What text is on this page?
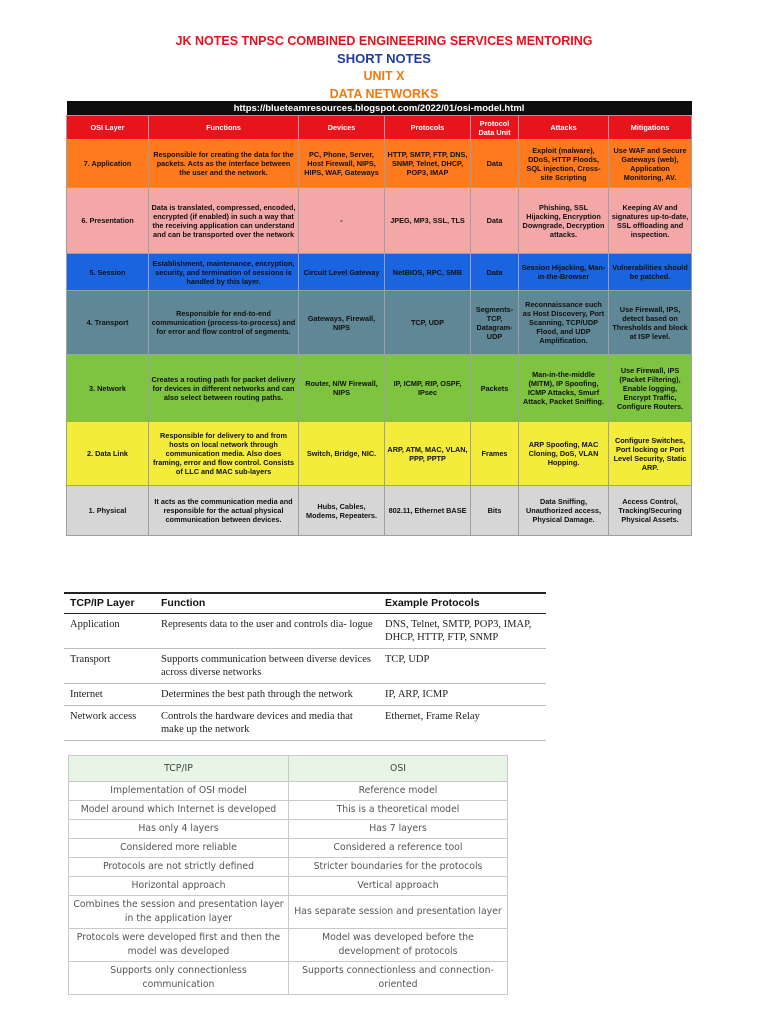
JK NOTES TNPSC COMBINED ENGINEERING SERVICES MENTORING
SHORT NOTES
UNIT X
DATA NETWORKS
https://blueteamresources.blogspot.com/2022/01/osi-model.html						
OSI Layer	Functions	Devices	Protocols	Protocol Data Unit	Attacks	Mitigations
7. Application	Responsible for creating the data for the packets. Acts as the interface between the user and the network.	PC, Phone, Server, Host Firewall, NIPS, HIPS, WAF, Gateways	HTTP, SMTP, FTP, DNS, SNMP, Telnet, DHCP, POP3, IMAP	Data	Exploit (malware), DDoS, HTTP Floods, SQL injection, Cross-site Scripting	Use WAF and Secure Gateways (web), Application Monitoring, AV.
6. Presentation	Data is translated, compressed, encoded, encrypted (if enabled) in such a way that the receiving application can understand and can be transported over the network	-	JPEG, MP3, SSL, TLS	Data	Phishing, SSL Hijacking, Encryption Downgrade, Decryption attacks.	Keeping AV and signatures up-to-date, SSL offloading and inspection.
5. Session	Establishment, maintenance, encryption, security, and termination of sessions is handled by this layer.	Circuit Level Gateway	NetBIOS, RPC, SMB	Data	Session Hijacking, Man-in-the-Browser	Vulnerabilities should be patched.
4. Transport	Responsible for end-to-end communication (process-to-process) and for error and flow control of segments.	Gateways, Firewall, NIPS	TCP, UDP	Segments-TCP, Datagram-UDP	Reconnaissance such as Host Discovery, Port Scanning, TCP/UDP Flood, and UDP Amplification.	Use Firewall, IPS, detect based on Thresholds and block at ISP level.
3. Network	Creates a routing path for packet delivery for devices in different networks and can also select between routing paths.	Router, N/W Firewall, NIPS	IP, ICMP, RIP, OSPF, IPsec	Packets	Man-in-the-middle (MITM), IP Spoofing, ICMP Attacks, Smurf Attack, Packet Sniffing.	Use Firewall, IPS (Packet Filtering), Enable logging, Encrypt Traffic, Configure Routers.
2. Data Link	Responsible for delivery to and from hosts on local network through communication media. Also does framing, error and flow control. Consists of LLC and MAC sub-layers	Switch, Bridge, NIC.	ARP, ATM, MAC, VLAN, PPP, PPTP	Frames	ARP Spoofing, MAC Cloning, DoS, VLAN Hopping.	Configure Switches, Port locking or Port Level Security, Static ARP.
1. Physical	It acts as the communication media and responsible for the actual physical communication between devices.	Hubs, Cables, Modems, Repeaters.	802.11, Ethernet BASE	Bits	Data Sniffing, Unauthorized access, Physical Damage.	Access Control, Tracking/Securing Physical Assets.
TCP/IP Layer	Function	Example Protocols
Application	Represents data to the user and controls dia- logue	DNS, Telnet, SMTP, POP3, IMAP, DHCP, HTTP, FTP, SNMP
Transport	Supports communication between diverse devices across diverse networks	TCP, UDP
Internet	Determines the best path through the network	IP, ARP, ICMP
Network access	Controls the hardware devices and media that make up the network	Ethernet, Frame Relay
TCP/IP	OSI
Implementation of OSI model	Reference model
Model around which Internet is developed	This is a theoretical model
Has only 4 layers	Has 7 layers
Considered more reliable	Considered a reference tool
Protocols are not strictly defined	Stricter boundaries for the protocols
Horizontal approach	Vertical approach
Combines the session and presentation layer in the application layer	Has separate session and presentation layer
Protocols were developed first and then the model was developed	Model was developed before the development of protocols
Supports only connectionless communication	Supports connectionless and connection-oriented
